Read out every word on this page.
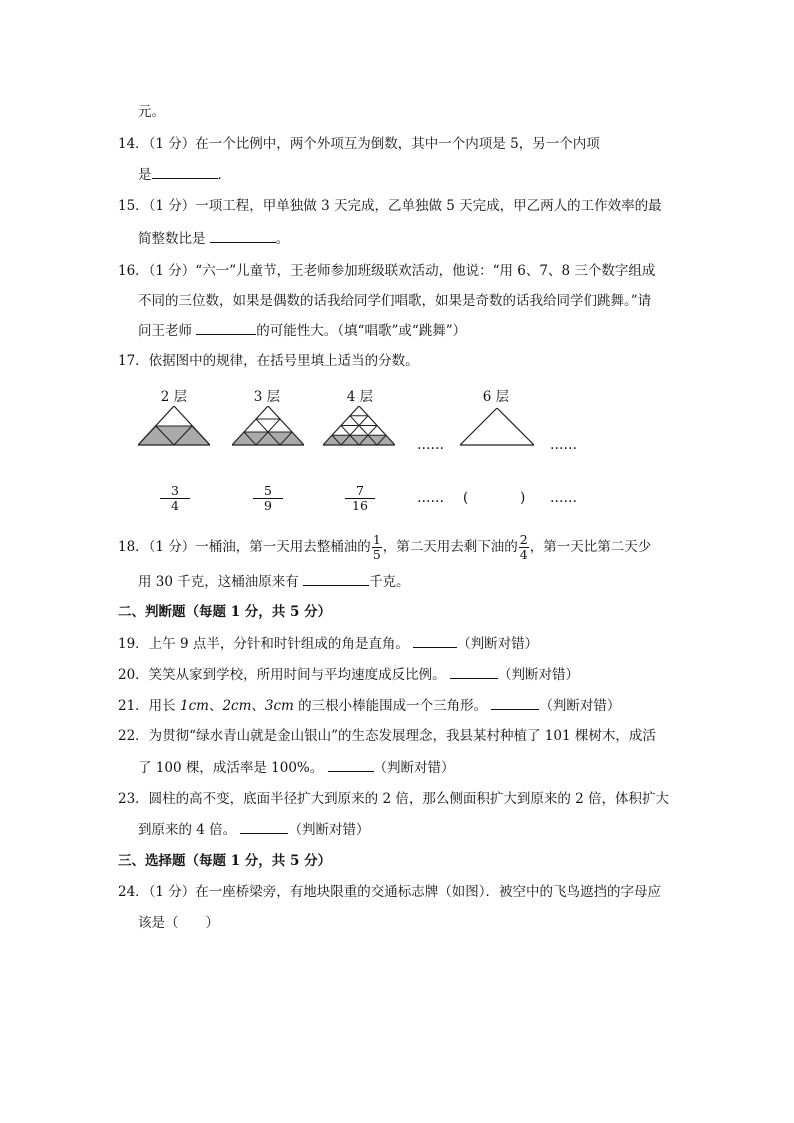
元。
14．（1 分）在一个比例中，两个外项互为倒数，其中一个内项是 5，另一个内项
是	．
15．（1 分）一项工程，甲单独做 3 天完成，乙单独做 5 天完成，甲乙两人的工作效率的最
简整数比是	。
16．（1 分）“六一”儿童节，王老师参加班级联欢活动，他说：“用 6、7、8 三个数字组成
不同的三位数，如果是偶数的话我给同学们唱歌，如果是奇数的话我给同学们跳舞。”请
问王老师	的可能性大。（填“唱歌”或“跳舞”）
17．依据图中的规律，在括号里填上适当的分数。
2 层	3 层	4 层	6 层
……	……
$\frac{3}{4}$	$\frac{5}{9}$	$\frac{7}{16}$	…… (	) ……
18．（1 分）一桶油，第一天用去整桶油的 $\frac{1}{5}$ ，第二天用去剩下油的 $\frac{2}{4}$ ，第一天比第二天少
用 30 千克，这桶油原来有	千克。
二、判断题（每题 1 分，共 5 分）
19．上午 9 点半，分针和时针组成的角是直角。	（判断对错）
20．笑笑从家到学校，所用时间与平均速度成反比例。	（判断对错）
21．用长 1cm、2cm、3cm 的三根小棒能围成一个三角形。	（判断对错）
22．为贯彻“绿水青山就是金山银山”的生态发展理念，我县某村种植了 101 棵树木，成活
了 100 棵，成活率是 100%。	（判断对错）
23．圆柱的高不变，底面半径扩大到原来的 2 倍，那么侧面积扩大到原来的 2 倍，体积扩大
到原来的 4 倍。	（判断对错）
三、选择题（每题 1 分，共 5 分）
24．（1 分）在一座桥梁旁，有地块限重的交通标志牌（如图）．被空中的飞鸟遮挡的字母应
该是（　　）
